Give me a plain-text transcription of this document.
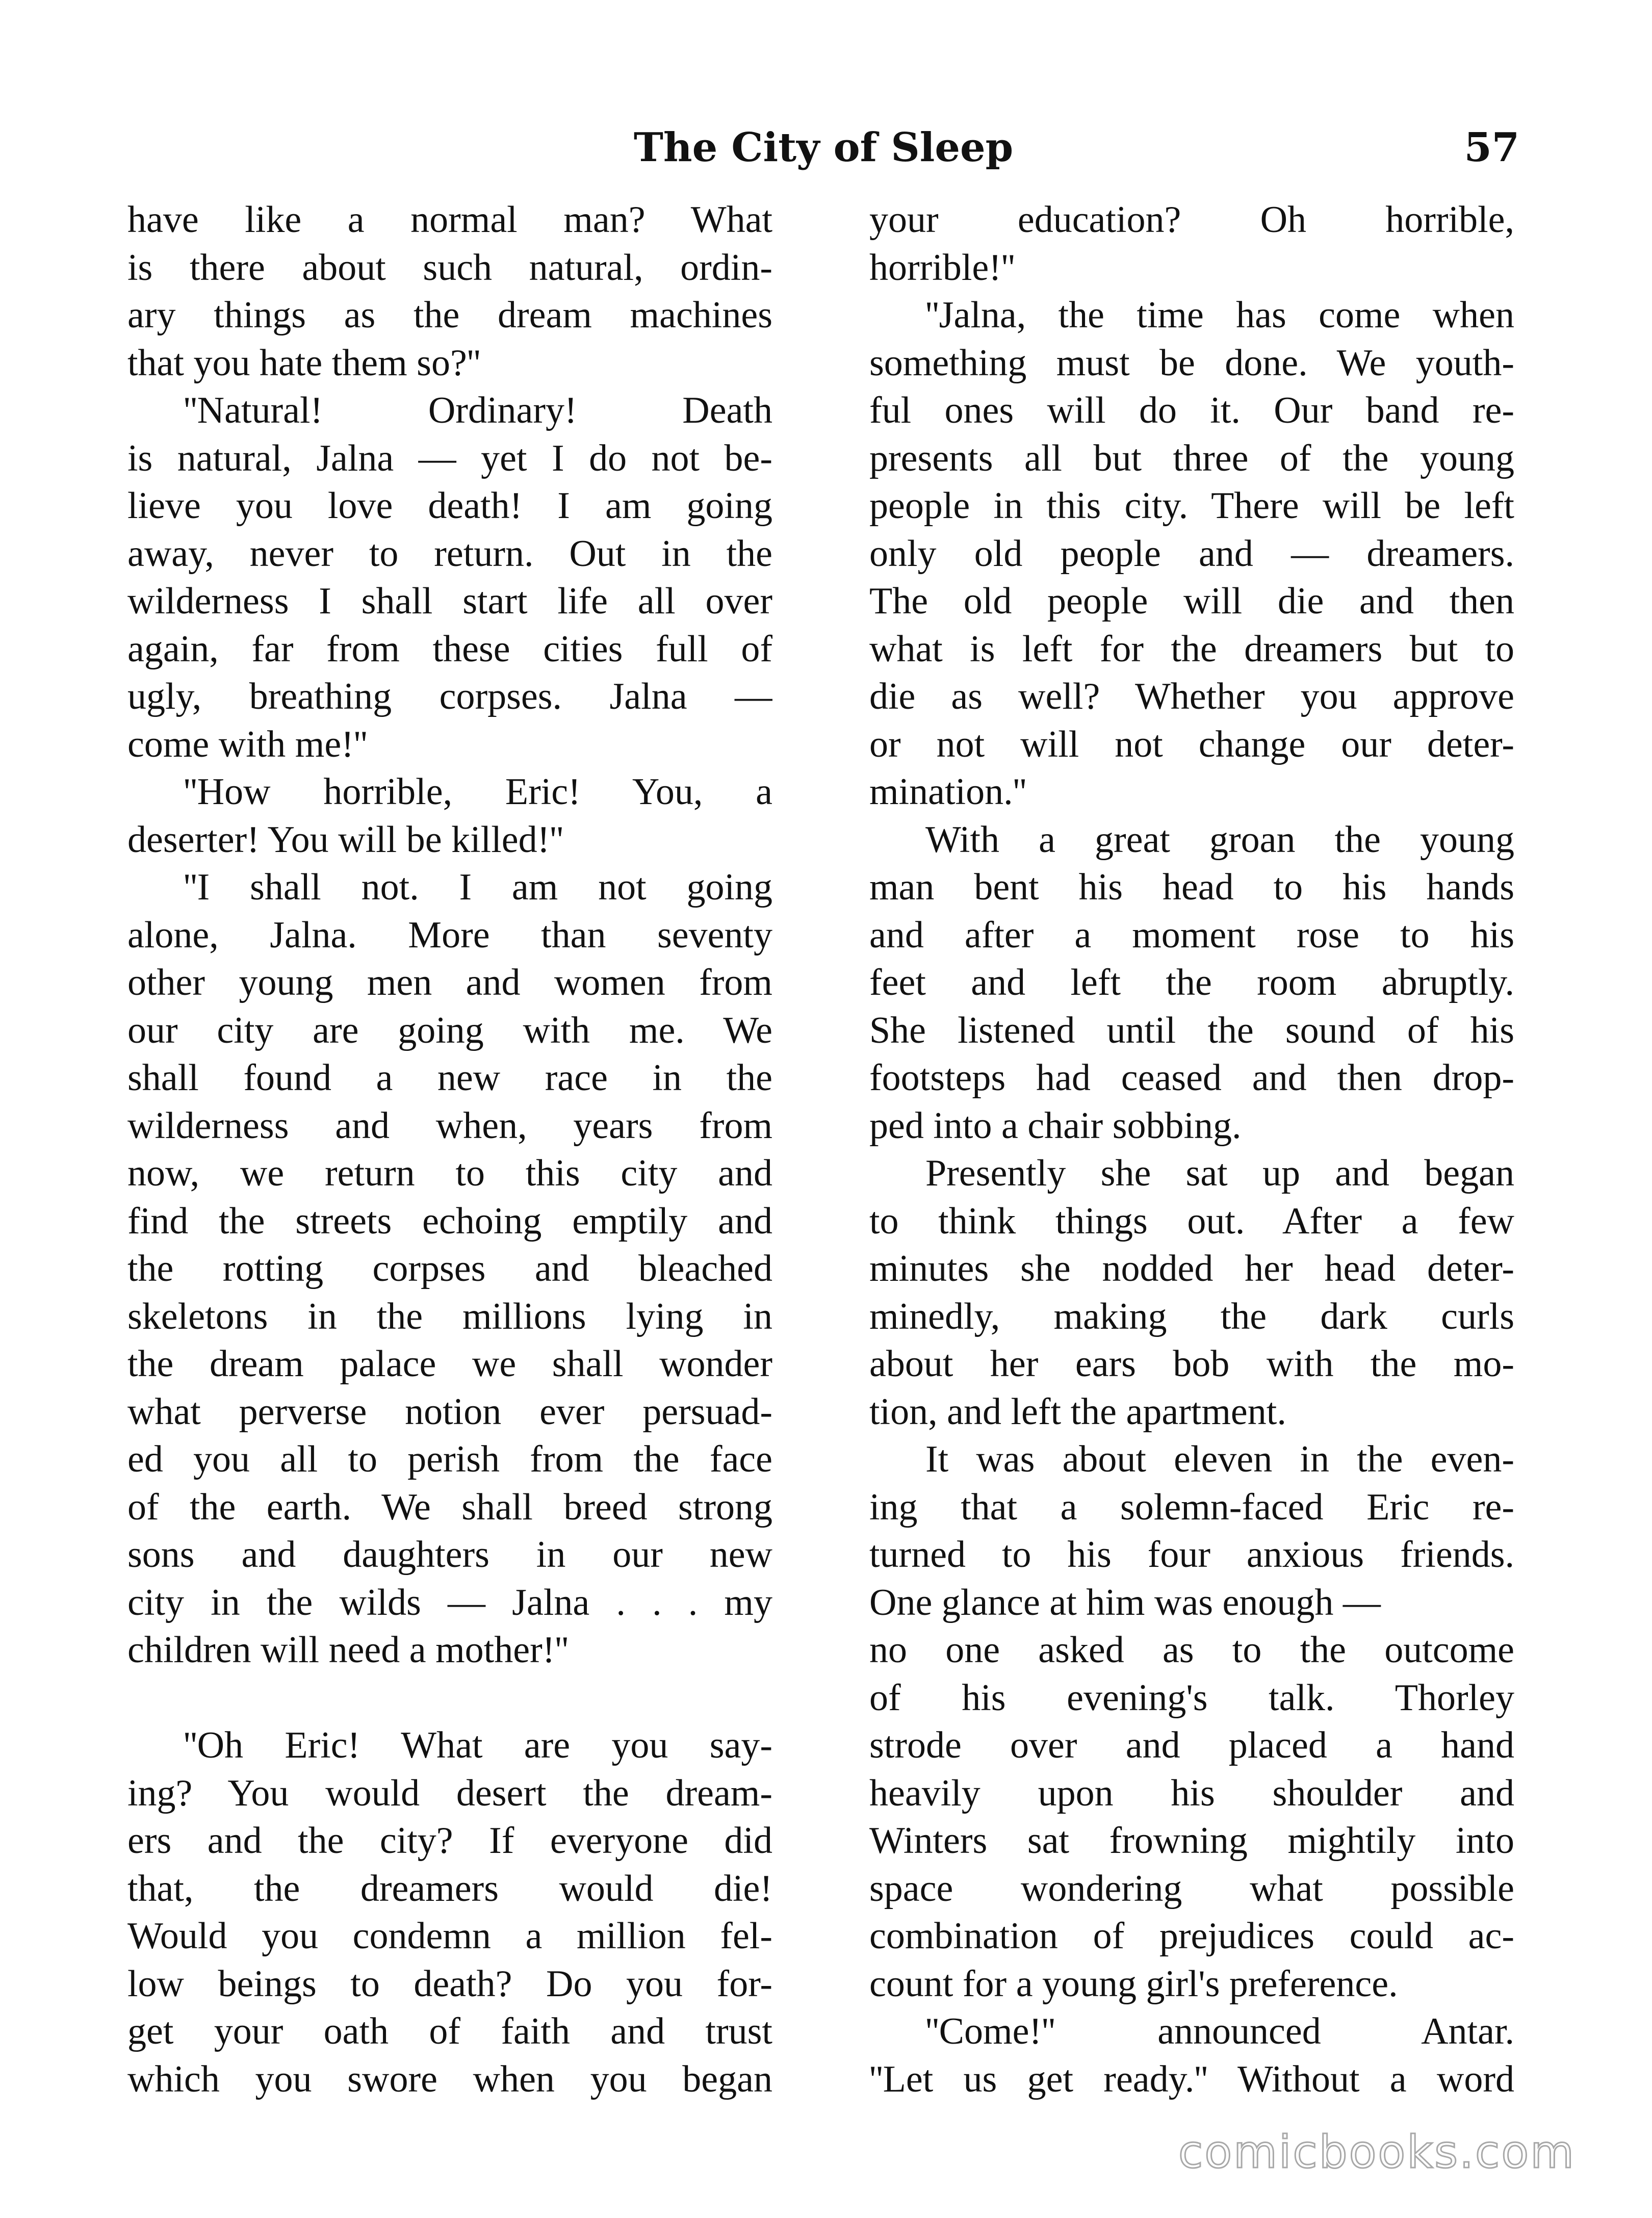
The City of Sleep	57
have like a normal man? What
is there about such natural, ordin-
ary things as the dream machines
that you hate them so?''
''Natural! Ordinary! Death
is natural, Jalna — yet I do not be-
lieve you love death! I am going
away, never to return. Out in the
wilderness I shall start life all over
again, far from these cities full of
ugly, breathing corpses. Jalna —
come with me!''
''How horrible, Eric! You, a
deserter! You will be killed!''
''I shall not. I am not going
alone, Jalna. More than seventy
other young men and women from
our city are going with me. We
shall found a new race in the
wilderness and when, years from
now, we return to this city and
find the streets echoing emptily and
the rotting corpses and bleached
skeletons in the millions lying in
the dream palace we shall wonder
what perverse notion ever persuad-
ed you all to perish from the face
of the earth. We shall breed strong
sons and daughters in our new
city in the wilds — Jalna . . . my
children will need a mother!''
''Oh Eric! What are you say-
ing? You would desert the dream-
ers and the city? If everyone did
that, the dreamers would die!
Would you condemn a million fel-
low beings to death? Do you for-
get your oath of faith and trust
which you swore when you began
your education? Oh horrible,
horrible!''
''Jalna, the time has come when
something must be done. We youth-
ful ones will do it. Our band re-
presents all but three of the young
people in this city. There will be left
only old people and — dreamers.
The old people will die and then
what is left for the dreamers but to
die as well? Whether you approve
or not will not change our deter-
mination.''
With a great groan the young
man bent his head to his hands
and after a moment rose to his
feet and left the room abruptly.
She listened until the sound of his
footsteps had ceased and then drop-
ped into a chair sobbing.
Presently she sat up and began
to think things out. After a few
minutes she nodded her head deter-
minedly, making the dark curls
about her ears bob with the mo-
tion, and left the apartment.
It was about eleven in the even-
ing that a solemn-faced Eric re-
turned to his four anxious friends.
One glance at him was enough —
no one asked as to the outcome
of his evening's talk. Thorley
strode over and placed a hand
heavily upon his shoulder and
Winters sat frowning mightily into
space wondering what possible
combination of prejudices could ac-
count for a young girl's preference.
''Come!'' announced Antar.
''Let us get ready.'' Without a word
comicbooks.com
